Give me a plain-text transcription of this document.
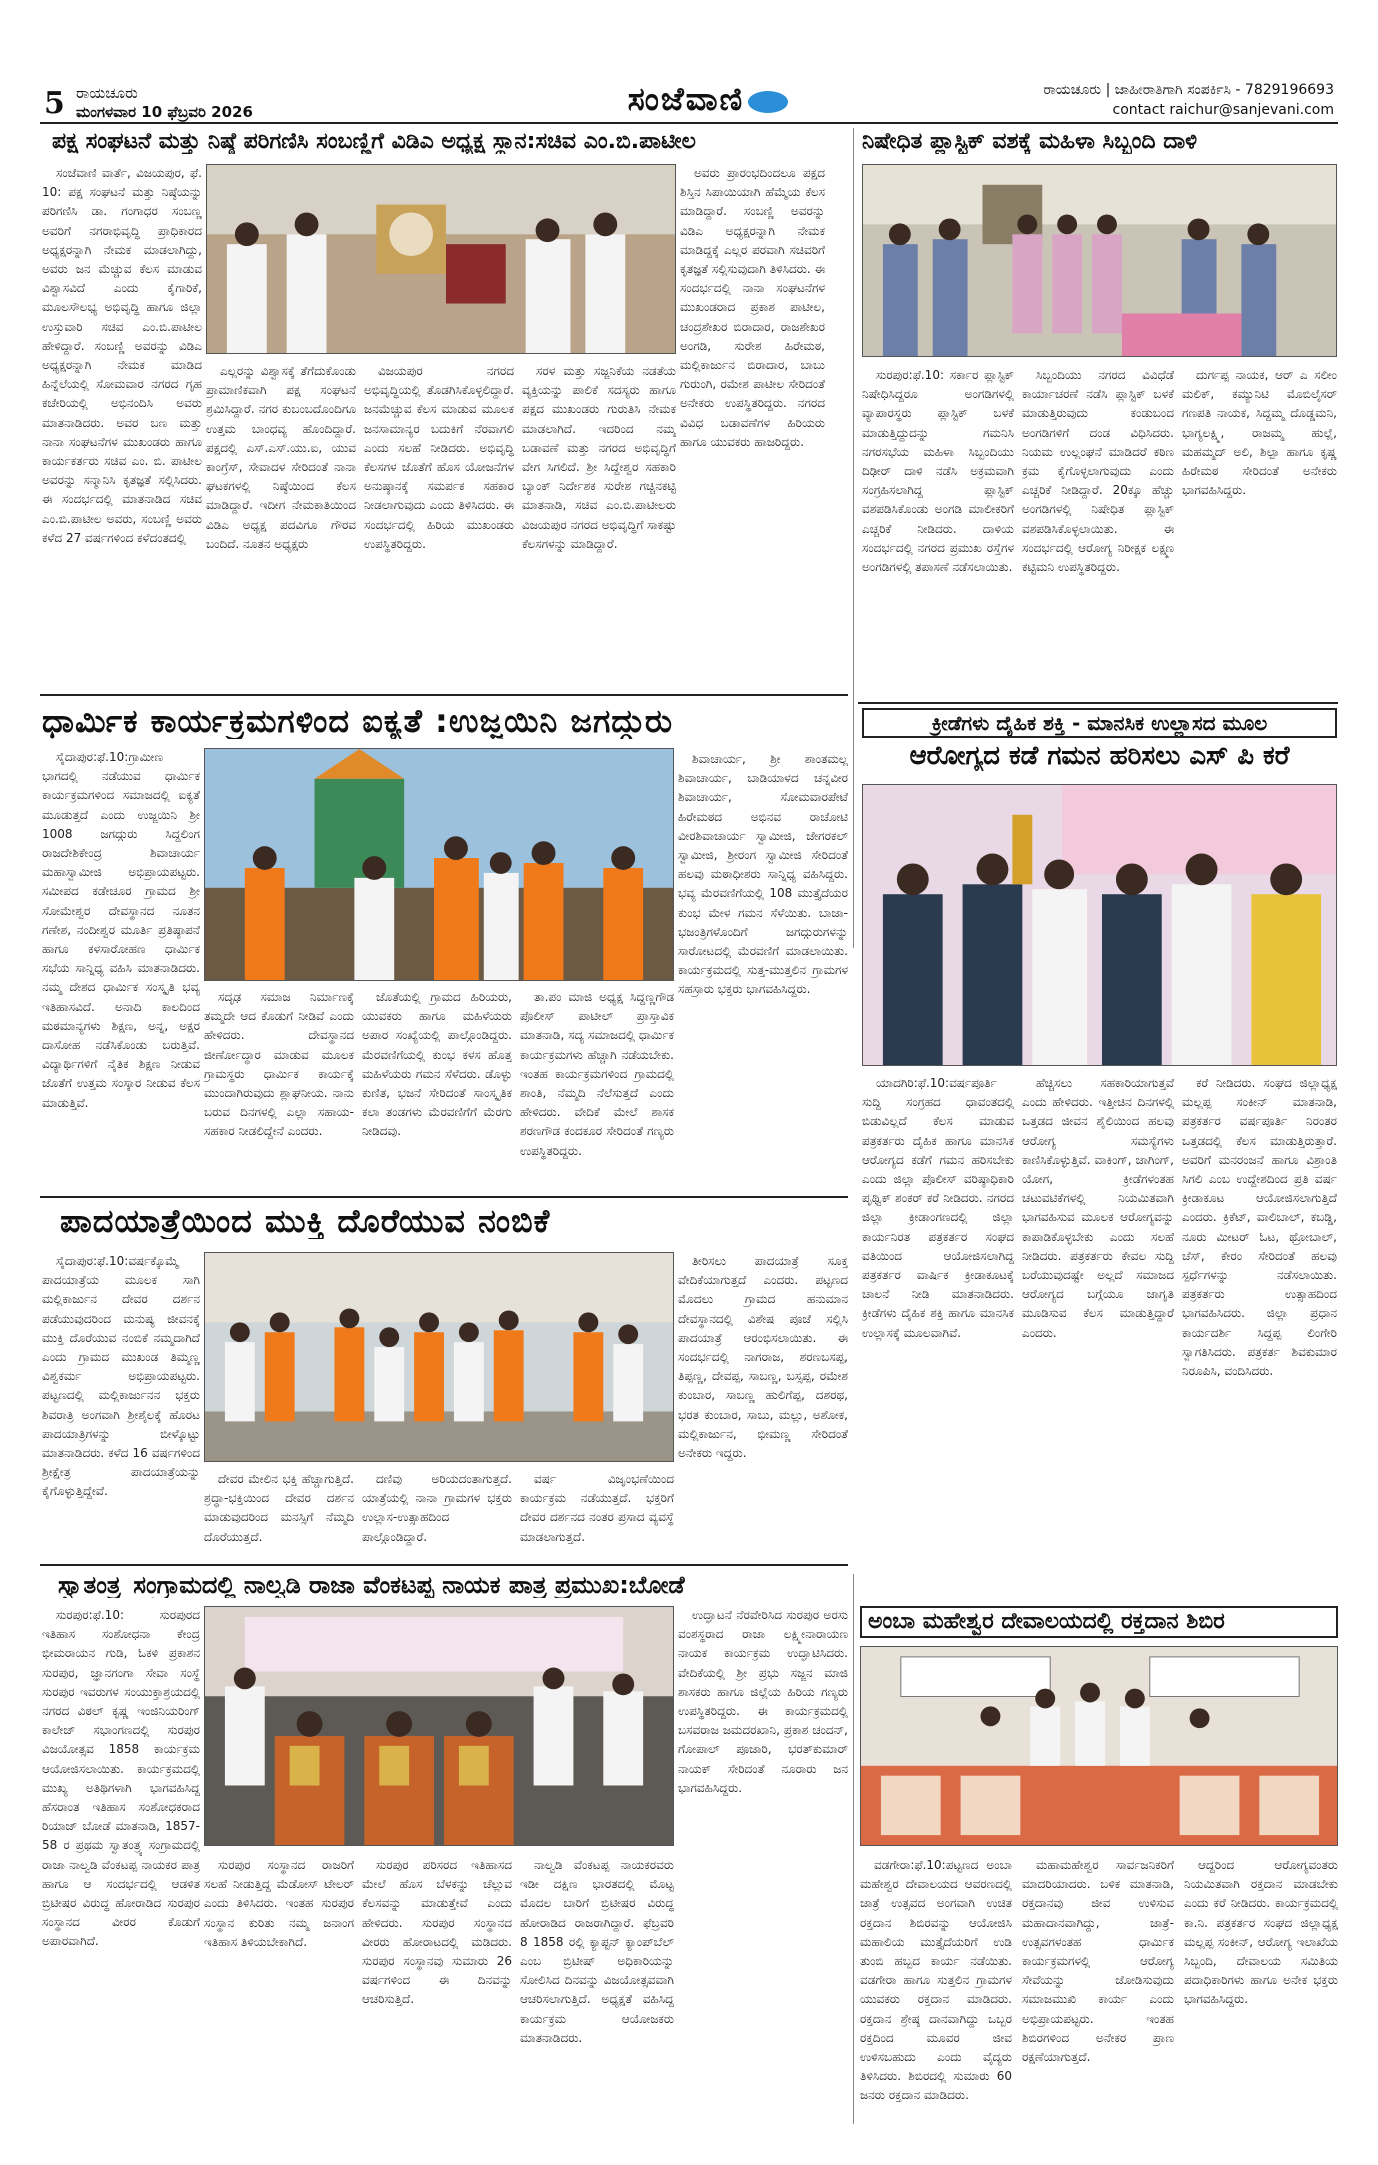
5 ರಾಯಚೂರು
ಮಂಗಳವಾರ 10 ಫೆಬ್ರವರಿ 2026	ಸಂಜೆವಾಣಿ	ರಾಯಚೂರು | ಜಾಹೀರಾತಿಗಾಗಿ ಸಂಪರ್ಕಿಸಿ - 7829196693
contact raichur@sanjevani.com
ಪಕ್ಷ ಸಂಘಟನೆ ಮತ್ತು ನಿಷ್ಠೆ ಪರಿಗಣಿಸಿ ಸಂಬಣ್ಣಿಗೆ ವಿಡಿಎ ಅಧ್ಯಕ್ಷ ಸ್ಥಾನ:ಸಚಿವ ಎಂ.ಬಿ.ಪಾಟೀಲ

ಸಂಜೆವಾಣಿ ವಾರ್ತೆ, ವಿಜಯಪುರ, ಫೆ. 10: ಪಕ್ಷ ಸಂಘಟನೆ ಮತ್ತು ನಿಷ್ಠೆಯನ್ನು ಪರಿಗಣಿಸಿ ಡಾ. ಗಂಗಾಧರ ಸಂಬಣ್ಣ ಅವರಿಗೆ ನಗರಾಭಿವೃದ್ಧಿ ಪ್ರಾಧಿಕಾರದ ಅಧ್ಯಕ್ಷರನ್ನಾಗಿ ನೇಮಕ ಮಾಡಲಾಗಿದ್ದು, ಅವರು ಜನ ಮೆಚ್ಚುವ ಕೆಲಸ ಮಾಡುವ ವಿಶ್ವಾಸವಿದೆ ಎಂದು ಕೈಗಾರಿಕೆ, ಮೂಲಸೌಲಭ್ಯ ಅಭಿವೃದ್ಧಿ ಹಾಗೂ ಜಿಲ್ಲಾ ಉಸ್ತುವಾರಿ ಸಚಿವ ಎಂ.ಬಿ.ಪಾಟೀಲ ಹೇಳಿದ್ದಾರೆ. ಸಂಬಣ್ಣಿ ಅವರನ್ನು ವಿಡಿಎ ಅಧ್ಯಕ್ಷರನ್ನಾಗಿ ನೇಮಕ ಮಾಡಿದ ಹಿನ್ನೆಲೆಯಲ್ಲಿ ಸೋಮವಾರ ನಗರದ ಗೃಹ ಕಚೇರಿಯಲ್ಲಿ ಅಭಿನಂದಿಸಿ ಅವರು ಮಾತನಾಡಿದರು. ಅವರ ಬಣ ಮತ್ತು ನಾನಾ ಸಂಘಟನೆಗಳ ಮುಖಂಡರು ಹಾಗೂ ಕಾರ್ಯಕರ್ತರು ಸಚಿವ ಎಂ. ಬಿ. ಪಾಟೀಲ ಅವರನ್ನು ಸನ್ಮಾನಿಸಿ ಕೃತಜ್ಞತೆ ಸಲ್ಲಿಸಿದರು. ಈ ಸಂದರ್ಭದಲ್ಲಿ ಮಾತನಾಡಿದ ಸಚಿವ ಎಂ.ಬಿ.ಪಾಟೀಲ ಅವರು, ಸಂಬಣ್ಣಿ ಅವರು ಕಳೆದ 27 ವರ್ಷಗಳಿಂದ ಕಳೆದಂತದಲ್ಲಿ

ಅವರು ಪ್ರಾರಂಭದಿಂದಲೂ ಪಕ್ಷದ ಶಿಸ್ತಿನ ಸಿಪಾಯಿಯಾಗಿ ಹೆಮ್ಮೆಯ ಕೆಲಸ ಮಾಡಿದ್ದಾರೆ. ಸಂಬಣ್ಣಿ ಅವರನ್ನು ವಿಡಿಎ ಅಧ್ಯಕ್ಷರನ್ನಾಗಿ ನೇಮಕ ಮಾಡಿದ್ದಕ್ಕೆ ಎಲ್ಲರ ಪರವಾಗಿ ಸಚಿವರಿಗೆ ಕೃತಜ್ಞತೆ ಸಲ್ಲಿಸುವುದಾಗಿ ತಿಳಿಸಿದರು. ಈ ಸಂದರ್ಭದಲ್ಲಿ ನಾನಾ ಸಂಘಟನೆಗಳ ಮುಖಂಡರಾದ ಪ್ರಕಾಶ ಪಾಟೀಲ, ಚಂದ್ರಶೇಖರ ಬಿರಾದಾರ, ರಾಜಶೇಖರ ಅಂಗಡಿ, ಸುರೇಶ ಹಿರೇಮಠ, ಮಲ್ಲಿಕಾರ್ಜುನ ಬಿರಾದಾರ, ಬಾಬು ಗುರುಂಗಿ, ರಮೇಶ ಪಾಟೀಲ ಸೇರಿದಂತೆ ಅನೇಕರು ಉಪಸ್ಥಿತರಿದ್ದರು. ನಗರದ ವಿವಿಧ ಬಡಾವಣೆಗಳ ಹಿರಿಯರು ಹಾಗೂ ಯುವಕರು ಹಾಜರಿದ್ದರು.

ಎಲ್ಲರನ್ನು ವಿಶ್ವಾಸಕ್ಕೆ ತೆಗೆದುಕೊಂಡು ಪ್ರಾಮಾಣಿಕವಾಗಿ ಪಕ್ಷ ಸಂಘಟನೆ ಶ್ರಮಿಸಿದ್ದಾರೆ. ನಗರ ಕುಬಂಬದೊಂದಿಗೂ ಉತ್ತಮ ಬಾಂಧವ್ಯ ಹೊಂದಿದ್ದಾರೆ. ಪಕ್ಷದಲ್ಲಿ ಎಸ್.ಎಸ್.ಯು.ಐ, ಯುವ ಕಾಂಗ್ರೆಸ್, ಸೇವಾದಳ ಸೇರಿದಂತೆ ನಾನಾ ಘಟಕಗಳಲ್ಲಿ ನಿಷ್ಠೆಯಿಂದ ಕೆಲಸ ಮಾಡಿದ್ದಾರೆ. ಇದೀಗ ನೇಮಕಾತಿಯಿಂದ ವಿಡಿಎ ಅಧ್ಯಕ್ಷ ಪದವಿಗೂ ಗೌರವ ಬಂದಿದೆ. ನೂತನ ಅಧ್ಯಕ್ಷರು

ವಿಜಯಪುರ ನಗರದ ಅಭಿವೃದ್ಧಿಯಲ್ಲಿ ತೊಡಗಿಸಿಕೊಳ್ಳಲಿದ್ದಾರೆ. ಜನಮೆಚ್ಚುವ ಕೆಲಸ ಮಾಡುವ ಮೂಲಕ ಜನಸಾಮಾನ್ಯರ ಬದುಕಿಗೆ ನೆರವಾಗಲಿ ಎಂದು ಸಲಹೆ ನೀಡಿದರು. ಅಭಿವೃದ್ಧಿ ಕೆಲಸಗಳ ಜೊತೆಗೆ ಹೊಸ ಯೋಜನೆಗಳ ಅನುಷ್ಠಾನಕ್ಕೆ ಸಮರ್ಪಕ ಸಹಕಾರ ನೀಡಲಾಗುವುದು ಎಂದು ತಿಳಿಸಿದರು. ಈ ಸಂದರ್ಭದಲ್ಲಿ ಹಿರಿಯ ಮುಖಂಡರು ಉಪಸ್ಥಿತರಿದ್ದರು.

ಸರಳ ಮತ್ತು ಸಜ್ಜನಿಕೆಯ ನಡತೆಯ ವ್ಯಕ್ತಿಯನ್ನು ಪಾಲಿಕೆ ಸದಸ್ಯರು ಹಾಗೂ ಪಕ್ಷದ ಮುಖಂಡರು ಗುರುತಿಸಿ ನೇಮಕ ಮಾಡಲಾಗಿದೆ. ಇದರಿಂದ ನಮ್ಮ ಬಡಾವಣೆ ಮತ್ತು ನಗರದ ಅಭಿವೃದ್ಧಿಗೆ ವೇಗ ಸಿಗಲಿದೆ. ಶ್ರೀ ಸಿದ್ದೇಶ್ವರ ಸಹಕಾರಿ ಬ್ಯಾಂಕ್ ನಿರ್ದೇಶಕ ಸುರೇಶ ಗಚ್ಚಿನಕಟ್ಟಿ ಮಾತನಾಡಿ, ಸಚಿವ ಎಂ.ಬಿ.ಪಾಟೀಲರು ವಿಜಯಪುರ ನಗರದ ಅಭಿವೃದ್ಧಿಗೆ ಸಾಕಷ್ಟು ಕೆಲಸಗಳನ್ನು ಮಾಡಿದ್ದಾರೆ.

ನಿಷೇಧಿತ ಪ್ಲಾಸ್ಟಿಕ್ ವಶಕ್ಕೆ ಮಹಿಳಾ ಸಿಬ್ಬಂದಿ ದಾಳಿ

ಸುರಪುರ:ಫೆ.10: ಸರ್ಕಾರ ಪ್ಲಾಸ್ಟಿಕ್ ನಿಷೇಧಿಸಿದ್ದರೂ ಅಂಗಡಿಗಳಲ್ಲಿ ವ್ಯಾಪಾರಸ್ಥರು ಪ್ಲಾಸ್ಟಿಕ್ ಬಳಕೆ ಮಾಡುತ್ತಿದ್ದುದನ್ನು ಗಮನಿಸಿ ನಗರಸಭೆಯ ಮಹಿಳಾ ಸಿಬ್ಬಂದಿಯು ದಿಢೀರ್ ದಾಳಿ ನಡೆಸಿ ಅಕ್ರಮವಾಗಿ ಸಂಗ್ರಹಿಸಲಾಗಿದ್ದ ಪ್ಲಾಸ್ಟಿಕ್ ವಶಪಡಿಸಿಕೊಂಡು ಅಂಗಡಿ ಮಾಲೀಕರಿಗೆ ಎಚ್ಚರಿಕೆ ನೀಡಿದರು. ದಾಳಿಯ ಸಂದರ್ಭದಲ್ಲಿ ನಗರದ ಪ್ರಮುಖ ರಸ್ತೆಗಳ ಅಂಗಡಿಗಳಲ್ಲಿ ತಪಾಸಣೆ ನಡೆಸಲಾಯಿತು.

ಸಿಬ್ಬಂದಿಯು ನಗರದ ವಿವಿಧೆಡೆ ಕಾರ್ಯಾಚರಣೆ ನಡೆಸಿ ಪ್ಲಾಸ್ಟಿಕ್ ಬಳಕೆ ಮಾಡುತ್ತಿರುವುದು ಕಂಡುಬಂದ ಅಂಗಡಿಗಳಿಗೆ ದಂಡ ವಿಧಿಸಿದರು. ನಿಯಮ ಉಲ್ಲಂಘನೆ ಮಾಡಿದರೆ ಕಠಿಣ ಕ್ರಮ ಕೈಗೊಳ್ಳಲಾಗುವುದು ಎಂದು ಎಚ್ಚರಿಕೆ ನೀಡಿದ್ದಾರೆ. 20ಕ್ಕೂ ಹೆಚ್ಚು ಅಂಗಡಿಗಳಲ್ಲಿ ನಿಷೇಧಿತ ಪ್ಲಾಸ್ಟಿಕ್ ವಶಪಡಿಸಿಕೊಳ್ಳಲಾಯಿತು. ಈ ಸಂದರ್ಭದಲ್ಲಿ ಆರೋಗ್ಯ ನಿರೀಕ್ಷಕ ಲಕ್ಷ್ಮಣ ಕಟ್ಟಿಮನಿ ಉಪಸ್ಥಿತರಿದ್ದರು.

ದುರ್ಗಪ್ಪ ನಾಯಕ, ಆರ್ ಎ ಸಲೀಂ ಮಲಿಕ್, ಕಮ್ಯುನಿಟಿ ಮೊಬಿಲೈಸರ್ ಗಣಪತಿ ನಾಯಕ, ಸಿದ್ದಮ್ಮ ದೊಡ್ಡಮನಿ, ಭಾಗ್ಯಲಕ್ಷ್ಮಿ, ರಾಜಮ್ಮ ಹುಲ್ಲೆ, ಮಹಮ್ಮದ್ ಅಲಿ, ಶಿಲ್ಪಾ ಹಾಗೂ ಕೃಷ್ಣ ಹಿರೇಮಠ ಸೇರಿದಂತೆ ಅನೇಕರು ಭಾಗವಹಿಸಿದ್ದರು.

ಧಾರ್ಮಿಕ ಕಾರ್ಯಕ್ರಮಗಳಿಂದ ಐಕ್ಯತೆ :ಉಜ್ಜಯಿನಿ ಜಗದ್ಗುರು

ಸೈದಾಪುರ:ಫೆ.10:ಗ್ರಾಮೀಣ ಭಾಗದಲ್ಲಿ ನಡೆಯುವ ಧಾರ್ಮಿಕ ಕಾರ್ಯಕ್ರಮಗಳಿಂದ ಸಮಾಜದಲ್ಲಿ ಐಕ್ಯತೆ ಮೂಡುತ್ತದೆ ಎಂದು ಉಜ್ಜಯಿನಿ ಶ್ರೀ 1008 ಜಗದ್ಗುರು ಸಿದ್ದಲಿಂಗ ರಾಜದೇಶಿಕೇಂದ್ರ ಶಿವಾಚಾರ್ಯ ಮಹಾಸ್ವಾಮೀಜಿ ಅಭಿಪ್ರಾಯಪಟ್ಟರು. ಸಮೀಪದ ಕಡೇಚೂರ ಗ್ರಾಮದ ಶ್ರೀ ಸೋಮೇಶ್ವರ ದೇವಸ್ಥಾನದ ನೂತನ ಗಣೇಶ, ನಂದೀಶ್ವರ ಮೂರ್ತಿ ಪ್ರತಿಷ್ಠಾಪನೆ ಹಾಗೂ ಕಳಸಾರೋಹಣ ಧಾರ್ಮಿಕ ಸಭೆಯ ಸಾನ್ನಿಧ್ಯ ವಹಿಸಿ ಮಾತನಾಡಿದರು. ನಮ್ಮ ದೇಶದ ಧಾರ್ಮಿಕ ಸಂಸ್ಕೃತಿ ಭವ್ಯ ಇತಿಹಾಸವಿದೆ. ಅನಾದಿ ಕಾಲದಿಂದ ಮಠಮಾನ್ಯಗಳು ಶಿಕ್ಷಣ, ಅನ್ನ, ಅಕ್ಷರ ದಾಸೋಹ ನಡೆಸಿಕೊಂಡು ಬರುತ್ತಿವೆ. ವಿದ್ಯಾರ್ಥಿಗಳಿಗೆ ನೈತಿಕ ಶಿಕ್ಷಣ ನೀಡುವ ಜೊತೆಗೆ ಉತ್ತಮ ಸಂಸ್ಕಾರ ನೀಡುವ ಕೆಲಸ ಮಾಡುತ್ತಿವೆ.

ಶಿವಾಚಾರ್ಯ, ಶ್ರೀ ಶಾಂತಮಲ್ಲ ಶಿವಾಚಾರ್ಯ, ಬಾಡಿಯಾಳದ ಚನ್ನವೀರ ಶಿವಾಚಾರ್ಯ, ಸೋಮವಾರಪೇಟೆ ಹಿರೇಮಠದ ಅಭಿನವ ರಾಚೋಟಿ ವೀರಶಿವಾಚಾರ್ಯ ಸ್ವಾಮೀಜಿ, ಜೇಗರಕಲ್ ಸ್ವಾಮೀಜಿ, ಶ್ರೀರಂಗ ಸ್ವಾಮೀಜಿ ಸೇರಿದಂತೆ ಹಲವು ಮಠಾಧೀಶರು ಸಾನ್ನಿಧ್ಯ ವಹಿಸಿದ್ದರು. ಭವ್ಯ ಮೆರವಣಿಗೆಯಲ್ಲಿ 108 ಮುತ್ತೈದೆಯರ ಕುಂಭ ಮೇಳ ಗಮನ ಸೆಳೆಯಿತು. ಬಾಜಾ-ಭಜಂತ್ರಿಗಳೊಂದಿಗೆ ಜಗದ್ಗುರುಗಳನ್ನು ಸಾರೋಟದಲ್ಲಿ ಮೆರವಣಿಗೆ ಮಾಡಲಾಯಿತು. ಕಾರ್ಯಕ್ರಮದಲ್ಲಿ ಸುತ್ತ-ಮುತ್ತಲಿನ ಗ್ರಾಮಗಳ ಸಹಸ್ರಾರು ಭಕ್ತರು ಭಾಗವಹಿಸಿದ್ದರು.

ಸದೃಢ ಸಮಾಜ ನಿರ್ಮಾಣಕ್ಕೆ ತಮ್ಮದೇ ಆದ ಕೊಡುಗೆ ನೀಡಿವೆ ಎಂದು ಹೇಳಿದರು. ದೇವಸ್ಥಾನದ ಜೀರ್ಣೋದ್ಧಾರ ಮಾಡುವ ಮೂಲಕ ಗ್ರಾಮಸ್ಥರು ಧಾರ್ಮಿಕ ಕಾರ್ಯಕ್ಕೆ ಮುಂದಾಗಿರುವುದು ಶ್ಲಾಘನೀಯ. ನಾನು ಬರುವ ದಿನಗಳಲ್ಲಿ ಎಲ್ಲಾ ಸಹಾಯ-ಸಹಕಾರ ನೀಡಲಿದ್ದೇನೆ ಎಂದರು.

ಜೊತೆಯಲ್ಲಿ ಗ್ರಾಮದ ಹಿರಿಯರು, ಯುವಕರು ಹಾಗೂ ಮಹಿಳೆಯರು ಅಪಾರ ಸಂಖ್ಯೆಯಲ್ಲಿ ಪಾಲ್ಗೊಂಡಿದ್ದರು. ಮೆರವಣಿಗೆಯಲ್ಲಿ ಕುಂಭ ಕಳಸ ಹೊತ್ತ ಮಹಿಳೆಯರು ಗಮನ ಸೆಳೆದರು. ಡೊಳ್ಳು ಕುಣಿತ, ಭಜನೆ ಸೇರಿದಂತೆ ಸಾಂಸ್ಕೃತಿಕ ಕಲಾ ತಂಡಗಳು ಮೆರವಣಿಗೆಗೆ ಮೆರಗು ನೀಡಿದವು.

ತಾ.ಪಂ ಮಾಜಿ ಅಧ್ಯಕ್ಷ ಸಿದ್ದಣ್ಣಗೌಡ ಪೊಲೀಸ್ ಪಾಟೀಲ್ ಪ್ರಾಸ್ತಾವಿಕ ಮಾತನಾಡಿ, ಸದ್ಯ ಸಮಾಜದಲ್ಲಿ ಧಾರ್ಮಿಕ ಕಾರ್ಯಕ್ರಮಗಳು ಹೆಚ್ಚಾಗಿ ನಡೆಯಬೇಕು. ಇಂತಹ ಕಾರ್ಯಕ್ರಮಗಳಿಂದ ಗ್ರಾಮದಲ್ಲಿ ಶಾಂತಿ, ನೆಮ್ಮದಿ ನೆಲೆಸುತ್ತದೆ ಎಂದು ಹೇಳಿದರು. ವೇದಿಕೆ ಮೇಲೆ ಶಾಸಕ ಶರಣಗೌಡ ಕಂದಕೂರ ಸೇರಿದಂತೆ ಗಣ್ಯರು ಉಪಸ್ಥಿತರಿದ್ದರು.

ಕ್ರೀಡೆಗಳು ದೈಹಿಕ ಶಕ್ತಿ - ಮಾನಸಿಕ ಉಲ್ಲಾಸದ ಮೂಲ
ಆರೋಗ್ಯದ ಕಡೆ ಗಮನ ಹರಿಸಲು ಎಸ್ ಪಿ ಕರೆ

ಯಾದಗಿರಿ:ಫೆ.10:ವರ್ಷಪೂರ್ತಿ ಸುದ್ದಿ ಸಂಗ್ರಹದ ಧಾವಂತದಲ್ಲಿ ಬಿಡುವಿಲ್ಲದೆ ಕೆಲಸ ಮಾಡುವ ಪತ್ರಕರ್ತರು ದೈಹಿಕ ಹಾಗೂ ಮಾನಸಿಕ ಆರೋಗ್ಯದ ಕಡೆಗೆ ಗಮನ ಹರಿಸಬೇಕು ಎಂದು ಜಿಲ್ಲಾ ಪೊಲೀಸ್ ವರಿಷ್ಠಾಧಿಕಾರಿ ಪೃಥ್ವಿಕ್ ಶಂಕರ್ ಕರೆ ನೀಡಿದರು. ನಗರದ ಜಿಲ್ಲಾ ಕ್ರೀಡಾಂಗಣದಲ್ಲಿ ಜಿಲ್ಲಾ ಕಾರ್ಯನಿರತ ಪತ್ರಕರ್ತರ ಸಂಘದ ವತಿಯಿಂದ ಆಯೋಜಿಸಲಾಗಿದ್ದ ಪತ್ರಕರ್ತರ ವಾರ್ಷಿಕ ಕ್ರೀಡಾಕೂಟಕ್ಕೆ ಚಾಲನೆ ನೀಡಿ ಮಾತನಾಡಿದರು. ಕ್ರೀಡೆಗಳು ದೈಹಿಕ ಶಕ್ತಿ ಹಾಗೂ ಮಾನಸಿಕ ಉಲ್ಲಾಸಕ್ಕೆ ಮೂಲವಾಗಿವೆ.

ಹೆಚ್ಚಿಸಲು ಸಹಕಾರಿಯಾಗುತ್ತವೆ ಎಂದು ಹೇಳಿದರು. ಇತ್ತೀಚಿನ ದಿನಗಳಲ್ಲಿ ಒತ್ತಡದ ಜೀವನ ಶೈಲಿಯಿಂದ ಹಲವು ಆರೋಗ್ಯ ಸಮಸ್ಯೆಗಳು ಕಾಣಿಸಿಕೊಳ್ಳುತ್ತಿವೆ. ವಾಕಿಂಗ್, ಜಾಗಿಂಗ್, ಯೋಗ, ಕ್ರೀಡೆಗಳಂತಹ ಚಟುವಟಿಕೆಗಳಲ್ಲಿ ನಿಯಮಿತವಾಗಿ ಭಾಗವಹಿಸುವ ಮೂಲಕ ಆರೋಗ್ಯವನ್ನು ಕಾಪಾಡಿಕೊಳ್ಳಬೇಕು ಎಂದು ಸಲಹೆ ನೀಡಿದರು. ಪತ್ರಕರ್ತರು ಕೇವಲ ಸುದ್ದಿ ಬರೆಯುವುದಷ್ಟೇ ಅಲ್ಲದೆ ಸಮಾಜದ ಆರೋಗ್ಯದ ಬಗ್ಗೆಯೂ ಜಾಗೃತಿ ಮೂಡಿಸುವ ಕೆಲಸ ಮಾಡುತ್ತಿದ್ದಾರೆ ಎಂದರು.

ಕರೆ ನೀಡಿದರು. ಸಂಘದ ಜಿಲ್ಲಾಧ್ಯಕ್ಷ ಮಲ್ಲಪ್ಪ ಸಂಕೀನ್ ಮಾತನಾಡಿ, ಪತ್ರಕರ್ತರ ವರ್ಷಪೂರ್ತಿ ನಿರಂತರ ಒತ್ತಡದಲ್ಲಿ ಕೆಲಸ ಮಾಡುತ್ತಿರುತ್ತಾರೆ. ಅವರಿಗೆ ಮನರಂಜನೆ ಹಾಗೂ ವಿಶ್ರಾಂತಿ ಸಿಗಲಿ ಎಂಬ ಉದ್ದೇಶದಿಂದ ಪ್ರತಿ ವರ್ಷ ಕ್ರೀಡಾಕೂಟ ಆಯೋಜಿಸಲಾಗುತ್ತಿದೆ ಎಂದರು. ಕ್ರಿಕೆಟ್, ವಾಲಿಬಾಲ್, ಕಬಡ್ಡಿ, ನೂರು ಮೀಟರ್ ಓಟ, ಥ್ರೋಬಾಲ್, ಚೆಸ್, ಕೇರಂ ಸೇರಿದಂತೆ ಹಲವು ಸ್ಪರ್ಧೆಗಳನ್ನು ನಡೆಸಲಾಯಿತು. ಪತ್ರಕರ್ತರು ಉತ್ಸಾಹದಿಂದ ಭಾಗವಹಿಸಿದರು. ಜಿಲ್ಲಾ ಪ್ರಧಾನ ಕಾರ್ಯದರ್ಶಿ ಸಿದ್ದಪ್ಪ ಲಿಂಗೇರಿ ಸ್ವಾಗತಿಸಿದರು. ಪತ್ರಕರ್ತ ಶಿವಕುಮಾರ ನಿರೂಪಿಸಿ, ವಂದಿಸಿದರು.

ಪಾದಯಾತ್ರೆಯಿಂದ ಮುಕ್ತಿ ದೊರೆಯುವ ನಂಬಿಕೆ

ಸೈದಾಪುರ:ಫೆ.10:ವರ್ಷಕ್ಕೊಮ್ಮೆ ಪಾದಯಾತ್ರೆಯ ಮೂಲಕ ಸಾಗಿ ಮಲ್ಲಿಕಾರ್ಜುನ ದೇವರ ದರ್ಶನ ಪಡೆಯುವುದರಿಂದ ಮನುಷ್ಯ ಜೀವನಕ್ಕೆ ಮುಕ್ತಿ ದೊರೆಯುವ ನಂಬಿಕೆ ನಮ್ಮದಾಗಿದೆ ಎಂದು ಗ್ರಾಮದ ಮುಖಂಡ ತಿಮ್ಮಣ್ಣ ವಿಶ್ವಕರ್ಮ ಅಭಿಪ್ರಾಯಪಟ್ಟರು. ಪಟ್ಟಣದಲ್ಲಿ ಮಲ್ಲಿಕಾರ್ಜುನನ ಭಕ್ತರು ಶಿವರಾತ್ರಿ ಅಂಗವಾಗಿ ಶ್ರೀಶೈಲಕ್ಕೆ ಹೊರಟ ಪಾದಯಾತ್ರಿಗಳನ್ನು ಬೀಳ್ಕೊಟ್ಟು ಮಾತನಾಡಿದರು. ಕಳೆದ 16 ವರ್ಷಗಳಿಂದ ಶ್ರೀಕ್ಷೇತ್ರ ಪಾದಯಾತ್ರೆಯನ್ನು ಕೈಗೊಳ್ಳುತ್ತಿದ್ದೇವೆ.

ತೀರಿಸಲು ಪಾದಯಾತ್ರೆ ಸೂಕ್ತ ವೇದಿಕೆಯಾಗುತ್ತದೆ ಎಂದರು. ಪಟ್ಟಣದ ಮೊದಲು ಗ್ರಾಮದ ಹನುಮಾನ ದೇವಸ್ಥಾನದಲ್ಲಿ ವಿಶೇಷ ಪೂಜೆ ಸಲ್ಲಿಸಿ ಪಾದಯಾತ್ರೆ ಆರಂಭಿಸಲಾಯಿತು. ಈ ಸಂದರ್ಭದಲ್ಲಿ ನಾಗರಾಜ, ಶರಣಬಸಪ್ಪ, ತಿಪ್ಪಣ್ಣ, ದೇವಪ್ಪ, ಸಾಬಣ್ಣ, ಬಸ್ಸಪ್ಪ, ರಮೇಶ ಕುಂಬಾರ, ಸಾಬಣ್ಣ ಹುಲಿಗೆಪ್ಪ, ದಶರಥ, ಭರತ ಕುಂಬಾರ, ಸಾಬು, ಮಲ್ಲು, ಅಶೋಕ, ಮಲ್ಲಿಕಾರ್ಜುನ, ಭೀಮಣ್ಣ ಸೇರಿದಂತೆ ಅನೇಕರು ಇದ್ದರು.

ದೇವರ ಮೇಲಿನ ಭಕ್ತಿ ಹೆಚ್ಚಾಗುತ್ತಿದೆ. ಶ್ರದ್ಧಾ-ಭಕ್ತಿಯಿಂದ ದೇವರ ದರ್ಶನ ಮಾಡುವುದರಿಂದ ಮನಸ್ಸಿಗೆ ನೆಮ್ಮದಿ ದೊರೆಯುತ್ತದೆ.

ದಣಿವು ಅರಿಯದಂತಾಗುತ್ತದೆ. ಯಾತ್ರೆಯಲ್ಲಿ ನಾನಾ ಗ್ರಾಮಗಳ ಭಕ್ತರು ಉಲ್ಲಾಸ-ಉತ್ಸಾಹದಿಂದ ಪಾಲ್ಗೊಂಡಿದ್ದಾರೆ.

ವರ್ಷ ವಿಜೃಂಭಣೆಯಿಂದ ಕಾರ್ಯಕ್ರಮ ನಡೆಯುತ್ತದೆ. ಭಕ್ತರಿಗೆ ದೇವರ ದರ್ಶನದ ನಂತರ ಪ್ರಸಾದ ವ್ಯವಸ್ಥೆ ಮಾಡಲಾಗುತ್ತದೆ.

ಸ್ವಾತಂತ್ರ್ಯ ಸಂಗ್ರಾಮದಲ್ಲಿ ನಾಲ್ವಡಿ ರಾಜಾ ವೆಂಕಟಪ್ಪ ನಾಯಕ ಪಾತ್ರ ಪ್ರಮುಖ:ಬೋಡೆ

ಸುರಪುರ:ಫೆ.10: ಸುರಪುರದ ಇತಿಹಾಸ ಸಂಶೋಧನಾ ಕೇಂದ್ರ ಭೀಮರಾಯನ ಗುಡಿ, ಓಕಳಿ ಪ್ರಕಾಶನ ಸುರಪುರ, ಜ್ಞಾನಗಂಗಾ ಸೇವಾ ಸಂಸ್ಥೆ ಸುರಪುರ ಇವರುಗಳ ಸಂಯುಕ್ತಾಶ್ರಯದಲ್ಲಿ ನಗರದ ವಿಠಲ್ ಕೃಷ್ಣ ಇಂಜಿನಿಯರಿಂಗ್ ಕಾಲೇಜ್ ಸಭಾಂಗಣದಲ್ಲಿ ಸುರಪುರ ವಿಜಯೋತ್ಸವ 1858 ಕಾರ್ಯಕ್ರಮ ಆಯೋಜಿಸಲಾಯಿತು. ಕಾರ್ಯಕ್ರಮದಲ್ಲಿ ಮುಖ್ಯ ಅತಿಥಿಗಳಾಗಿ ಭಾಗವಹಿಸಿದ್ದ ಹೆಸರಾಂತ ಇತಿಹಾಸ ಸಂಶೋಧಕರಾದ ರಿಯಾಜ್ ಬೋಡೆ ಮಾತನಾಡಿ, 1857-58 ರ ಪ್ರಥಮ ಸ್ವಾತಂತ್ರ್ಯ ಸಂಗ್ರಾಮದಲ್ಲಿ ರಾಜಾ ನಾಲ್ವಡಿ ವೆಂಕಟಪ್ಪ ನಾಯಕರ ಪಾತ್ರ ಹಾಗೂ ಆ ಸಂದರ್ಭದಲ್ಲಿ ಆಡಳಿತ ಬ್ರಿಟೀಷರ ವಿರುದ್ಧ ಹೋರಾಡಿದ ಸುರಪುರ ಸಂಸ್ಥಾನದ ವೀರರ ಕೊಡುಗೆ ಅಪಾರವಾಗಿದೆ.

ಉದ್ಘಾಟನೆ ನೆರವೇರಿಸಿದ ಸುರಪುರ ಅರಸು ವಂಶಸ್ಥರಾದ ರಾಜಾ ಲಕ್ಷ್ಮೀನಾರಾಯಣ ನಾಯಕ ಕಾರ್ಯಕ್ರಮ ಉದ್ಘಾಟಿಸಿದರು. ವೇದಿಕೆಯಲ್ಲಿ ಶ್ರೀ ಪ್ರಭು ಸಜ್ಜನ ಮಾಜಿ ಶಾಸಕರು ಹಾಗೂ ಜಿಲ್ಲೆಯ ಹಿರಿಯ ಗಣ್ಯರು ಉಪಸ್ಥಿತರಿದ್ದರು. ಈ ಕಾರ್ಯಕ್ರಮದಲ್ಲಿ ಬಸವರಾಜ ಜಮದರಖಾನಿ, ಪ್ರಕಾಶ ಚಂದನ್, ಗೋಪಾಲ್ ಪೂಜಾರಿ, ಭರತ್‌ಕುಮಾರ್ ನಾಯಕ್ ಸೇರಿದಂತೆ ನೂರಾರು ಜನ ಭಾಗವಹಿಸಿದ್ದರು.

ಸುರಪುರ ಸಂಸ್ಥಾನದ ರಾಜರಿಗೆ ಸಲಹೆ ನೀಡುತ್ತಿದ್ದ ಮೆಡೋಸ್ ಟೇಲರ್ ಎಂದು ತಿಳಿಸಿದರು. ಇಂತಹ ಸುರಪುರ ಸಂಸ್ಥಾನ ಕುರಿತು ನಮ್ಮ ಜನಾಂಗ ಇತಿಹಾಸ ತಿಳಿಯಬೇಕಾಗಿದೆ.

ಸುರಪುರ ಪರಿಸರದ ಇತಿಹಾಸದ ಮೇಲೆ ಹೊಸ ಬೆಳಕನ್ನು ಚೆಲ್ಲುವ ಕೆಲಸವನ್ನು ಮಾಡುತ್ತೇವೆ ಎಂದು ಹೇಳಿದರು. ಸುರಪುರ ಸಂಸ್ಥಾನದ ವೀರರು ಹೋರಾಟದಲ್ಲಿ ಮಡಿದರು. ಸುರಪುರ ಸಂಸ್ಥಾನವು ಸುಮಾರು 26 ವರ್ಷಗಳಿಂದ ಈ ದಿನವನ್ನು ಆಚರಿಸುತ್ತಿದೆ.

ನಾಲ್ವಡಿ ವೆಂಕಟಪ್ಪ ನಾಯಕರವರು ಇಡೀ ದಕ್ಷಿಣ ಭಾರತದಲ್ಲಿ ಮೊಟ್ಟ ಮೊದಲ ಬಾರಿಗೆ ಬ್ರಿಟೀಷರ ವಿರುದ್ಧ ಹೋರಾಡಿದ ರಾಜರಾಗಿದ್ದಾರೆ. ಫೆಬ್ರವರಿ 8 1858 ರಲ್ಲಿ ಕ್ಯಾಪ್ಟನ್ ಕ್ಯಾಂಪ್‌ಬೆಲ್ ಎಂಬ ಬ್ರಿಟೀಷ್ ಅಧಿಕಾರಿಯನ್ನು ಸೋಲಿಸಿದ ದಿನವನ್ನು ವಿಜಯೋತ್ಸವವಾಗಿ ಆಚರಿಸಲಾಗುತ್ತಿದೆ. ಅಧ್ಯಕ್ಷತೆ ವಹಿಸಿದ್ದ ಕಾರ್ಯಕ್ರಮ ಆಯೋಜಕರು ಮಾತನಾಡಿದರು.

ಅಂಬಾ ಮಹೇಶ್ವರ ದೇವಾಲಯದಲ್ಲಿ ರಕ್ತದಾನ ಶಿಬಿರ

ವಡಗೇರಾ:ಫೆ.10:ಪಟ್ಟಣದ ಅಂಬಾ ಮಹೇಶ್ವರ ದೇವಾಲಯದ ಆವರಣದಲ್ಲಿ ಜಾತ್ರೆ ಉತ್ಸವದ ಅಂಗವಾಗಿ ಉಚಿತ ರಕ್ತದಾನ ಶಿಬಿರವನ್ನು ಆಯೋಜಿಸಿ ಮಹಾಲಿಯ ಮುತ್ತೈದೆಯರಿಗೆ ಉಡಿ ತುಂಬಿ ಹಬ್ಬದ ಕಾರ್ಯ ನಡೆಯಿತು. ವಡಗೇರಾ ಹಾಗೂ ಸುತ್ತಲಿನ ಗ್ರಾಮಗಳ ಯುವಕರು ರಕ್ತದಾನ ಮಾಡಿದರು. ರಕ್ತದಾನ ಶ್ರೇಷ್ಠ ದಾನವಾಗಿದ್ದು ಒಬ್ಬರ ರಕ್ತದಿಂದ ಮೂವರ ಜೀವ ಉಳಿಸಬಹುದು ಎಂದು ವೈದ್ಯರು ತಿಳಿಸಿದರು. ಶಿಬಿರದಲ್ಲಿ ಸುಮಾರು 60 ಜನರು ರಕ್ತದಾನ ಮಾಡಿದರು.

ಮಹಾಮಹೇಶ್ವರ ಸಾರ್ವಜನಿಕರಿಗೆ ಮಾದರಿಯಾದರು. ಬಳಿಕ ಮಾತನಾಡಿ, ರಕ್ತದಾನವು ಜೀವ ಉಳಿಸುವ ಮಹಾದಾನವಾಗಿದ್ದು, ಜಾತ್ರೆ-ಉತ್ಸವಗಳಂತಹ ಧಾರ್ಮಿಕ ಕಾರ್ಯಕ್ರಮಗಳಲ್ಲಿ ಆರೋಗ್ಯ ಸೇವೆಯನ್ನು ಜೋಡಿಸುವುದು ಸಮಾಜಮುಖಿ ಕಾರ್ಯ ಎಂದು ಅಭಿಪ್ರಾಯಪಟ್ಟರು. ಇಂತಹ ಶಿಬಿರಗಳಿಂದ ಅನೇಕರ ಪ್ರಾಣ ರಕ್ಷಣೆಯಾಗುತ್ತದೆ.

ಆದ್ದರಿಂದ ಆರೋಗ್ಯವಂತರು ನಿಯಮಿತವಾಗಿ ರಕ್ತದಾನ ಮಾಡಬೇಕು ಎಂದು ಕರೆ ನೀಡಿದರು. ಕಾರ್ಯಕ್ರಮದಲ್ಲಿ ಕಾ.ನಿ. ಪತ್ರಕರ್ತರ ಸಂಘದ ಜಿಲ್ಲಾಧ್ಯಕ್ಷ ಮಲ್ಲಪ್ಪ ಸಂಕೀನ್, ಆರೋಗ್ಯ ಇಲಾಖೆಯ ಸಿಬ್ಬಂದಿ, ದೇವಾಲಯ ಸಮಿತಿಯ ಪದಾಧಿಕಾರಿಗಳು ಹಾಗೂ ಅನೇಕ ಭಕ್ತರು ಭಾಗವಹಿಸಿದ್ದರು.
